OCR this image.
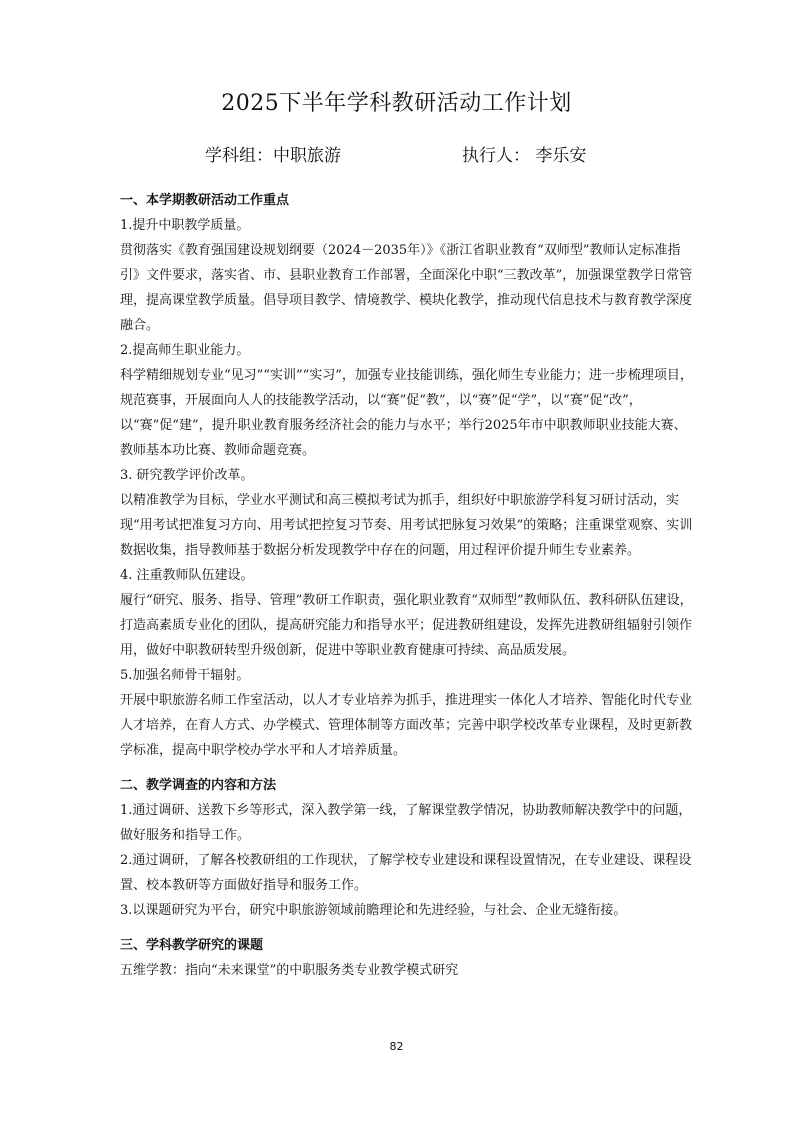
2025下半年学科教研活动工作计划
学科组：中职旅游	执行人： 李乐安

一、本学期教研活动工作重点

1.提升中职教学质量。

贯彻落实《教育强国建设规划纲要（2024－2035年）》《浙江省职业教育“双师型”教师认定标准指引》文件要求，落实省、市、县职业教育工作部署，全面深化中职“三教改革”，加强课堂教学日常管理，提高课堂教学质量。倡导项目教学、情境教学、模块化教学，推动现代信息技术与教育教学深度融合。

2.提高师生职业能力。

科学精细规划专业“见习”“实训”“实习”，加强专业技能训练，强化师生专业能力；进一步梳理项目，规范赛事，开展面向人人的技能教学活动，以“赛”促“教”，以“赛”促“学”，以“赛”促“改”，以“赛”促“建”，提升职业教育服务经济社会的能力与水平；举行2025年市中职教师职业技能大赛、教师基本功比赛、教师命题竞赛。

3. 研究教学评价改革。

以精准教学为目标，学业水平测试和高三模拟考试为抓手，组织好中职旅游学科复习研讨活动，实现“用考试把准复习方向、用考试把控复习节奏、用考试把脉复习效果”的策略；注重课堂观察、实训数据收集，指导教师基于数据分析发现教学中存在的问题，用过程评价提升师生专业素养。

4. 注重教师队伍建设。

履行“研究、服务、指导、管理”教研工作职责，强化职业教育“双师型”教师队伍、教科研队伍建设，打造高素质专业化的团队，提高研究能力和指导水平；促进教研组建设，发挥先进教研组辐射引领作用，做好中职教研转型升级创新，促进中等职业教育健康可持续、高品质发展。

5.加强名师骨干辐射。

开展中职旅游名师工作室活动，以人才专业培养为抓手，推进理实一体化人才培养、智能化时代专业人才培养，在育人方式、办学模式、管理体制等方面改革；完善中职学校改革专业课程，及时更新教学标准，提高中职学校办学水平和人才培养质量。

二、教学调查的内容和方法

1.通过调研、送教下乡等形式，深入教学第一线，了解课堂教学情况，协助教师解决教学中的问题，做好服务和指导工作。

2.通过调研，了解各校教研组的工作现状，了解学校专业建设和课程设置情况，在专业建设、课程设置、校本教研等方面做好指导和服务工作。

3.以课题研究为平台，研究中职旅游领域前瞻理论和先进经验，与社会、企业无缝衔接。

三、学科教学研究的课题

五维学教：指向“未来课堂”的中职服务类专业教学模式研究

82
